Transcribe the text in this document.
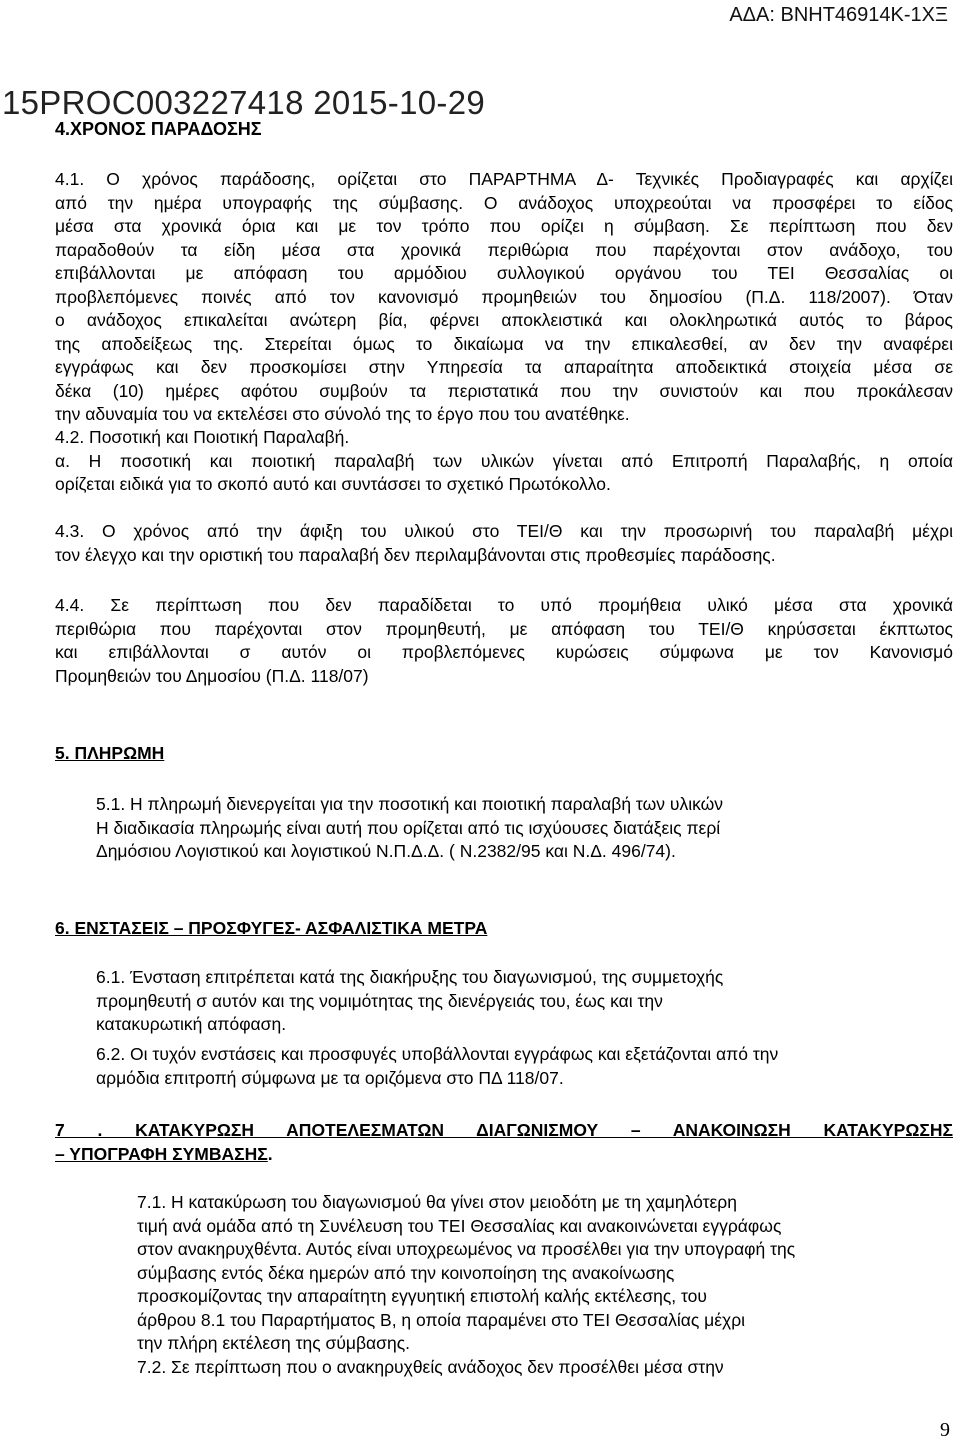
ΑΔΑ: ΒΝΗΤ46914Κ-1ΧΞ
15PROC003227418 2015-10-29
4.ΧΡΟΝΟΣ ΠΑΡΑΔΟΣΗΣ
4.1. Ο χρόνος παράδοσης, ορίζεται στο ΠΑΡΑΡΤΗΜΑ Δ- Τεχνικές Προδιαγραφές και αρχίζει
από την ημέρα υπογραφής της σύμβασης. Ο ανάδοχος υποχρεούται να προσφέρει το είδος
μέσα στα χρονικά όρια και με τον τρόπο που ορίζει η σύμβαση. Σε περίπτωση που δεν
παραδοθούν τα είδη μέσα στα χρονικά περιθώρια που παρέχονται στον ανάδοχο, του
επιβάλλονται με απόφαση του αρμόδιου συλλογικού οργάνου του ΤΕΙ Θεσσαλίας οι
προβλεπόμενες ποινές από τον κανονισμό προμηθειών του δημοσίου (Π.Δ. 118/2007). Όταν
ο ανάδοχος επικαλείται ανώτερη βία, φέρνει αποκλειστικά και ολοκληρωτικά αυτός το βάρος
της αποδείξεως της. Στερείται όμως το δικαίωμα να την επικαλεσθεί, αν δεν την αναφέρει
εγγράφως και δεν προσκομίσει στην Υπηρεσία τα απαραίτητα αποδεικτικά στοιχεία μέσα σε
δέκα (10) ημέρες αφότου συμβούν τα περιστατικά που την συνιστούν και που προκάλεσαν
την αδυναμία του να εκτελέσει στο σύνολό της το έργο που του ανατέθηκε.
4.2. Ποσοτική και Ποιοτική Παραλαβή.
α. Η ποσοτική και ποιοτική παραλαβή των υλικών γίνεται από Επιτροπή Παραλαβής, η οποία
ορίζεται ειδικά για το σκοπό αυτό και συντάσσει το σχετικό Πρωτόκολλο.
4.3. Ο χρόνος από την άφιξη του υλικού στο ΤΕΙ/Θ και την προσωρινή του παραλαβή μέχρι
τον έλεγχο και την οριστική του παραλαβή δεν περιλαμβάνονται στις προθεσμίες παράδοσης.
4.4. Σε περίπτωση που δεν παραδίδεται το υπό προμήθεια υλικό μέσα στα χρονικά
περιθώρια που παρέχονται στον προμηθευτή, με απόφαση του ΤΕΙ/Θ κηρύσσεται έκπτωτος
και επιβάλλονται σ αυτόν οι προβλεπόμενες κυρώσεις σύμφωνα με τον Κανονισμό
Προμηθειών του Δημοσίου (Π.Δ. 118/07)
5. ΠΛΗΡΩΜΗ
5.1. Η πληρωμή διενεργείται για την ποσοτική και ποιοτική παραλαβή των υλικών
Η διαδικασία πληρωμής είναι αυτή που ορίζεται από τις ισχύουσες διατάξεις περί
Δημόσιου Λογιστικού και λογιστικού Ν.Π.Δ.Δ. ( Ν.2382/95 και Ν.Δ. 496/74).
6. ΕΝΣΤΑΣΕΙΣ – ΠΡΟΣΦΥΓΕΣ- ΑΣΦΑΛΙΣΤΙΚΑ ΜΕΤΡΑ
6.1. Ένσταση επιτρέπεται κατά της διακήρυξης του διαγωνισμού, της συμμετοχής
προμηθευτή σ αυτόν και της νομιμότητας της διενέργειάς του, έως και την
κατακυρωτική απόφαση.
6.2. Οι τυχόν ενστάσεις και προσφυγές υποβάλλονται εγγράφως και εξετάζονται από την
αρμόδια επιτροπή σύμφωνα με τα οριζόμενα στο ΠΔ 118/07.
7 . ΚΑΤΑΚΥΡΩΣΗ ΑΠΟΤΕΛΕΣΜΑΤΩΝ ΔΙΑΓΩΝΙΣΜΟΥ – ΑΝΑΚΟΙΝΩΣΗ ΚΑΤΑΚΥΡΩΣΗΣ
– ΥΠΟΓΡΑΦΗ ΣΥΜΒΑΣΗΣ.
7.1. Η κατακύρωση του διαγωνισμού θα γίνει στον μειοδότη με τη χαμηλότερη
τιμή ανά ομάδα από τη Συνέλευση του ΤΕΙ Θεσσαλίας και ανακοινώνεται εγγράφως
στον ανακηρυχθέντα. Αυτός είναι υποχρεωμένος να προσέλθει για την υπογραφή της
σύμβασης εντός δέκα ημερών από την κοινοποίηση της ανακοίνωσης
προσκομίζοντας την απαραίτητη εγγυητική επιστολή καλής εκτέλεσης, του
άρθρου 8.1 του Παραρτήματος Β, η οποία παραμένει στο ΤΕΙ Θεσσαλίας μέχρι
την πλήρη εκτέλεση της σύμβασης.
7.2. Σε περίπτωση που ο ανακηρυχθείς ανάδοχος δεν προσέλθει μέσα στην
9
